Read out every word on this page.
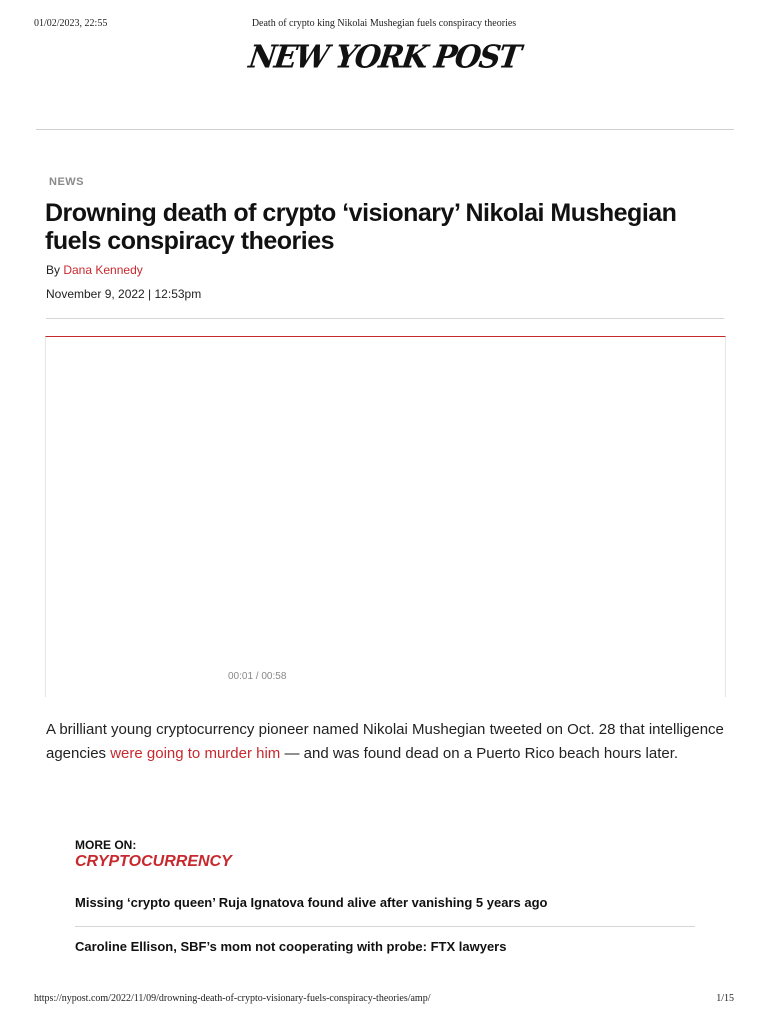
01/02/2023, 22:55	Death of crypto king Nikolai Mushegian fuels conspiracy theories
NEW YORK POST
NEWS
Drowning death of crypto ‘visionary’ Nikolai Mushegian fuels conspiracy theories
By Dana Kennedy
November 9, 2022 | 12:53pm
00:01 / 00:58

A brilliant young cryptocurrency pioneer named Nikolai Mushegian tweeted on Oct. 28 that intelligence agencies were going to murder him — and was found dead on a Puerto Rico beach hours later.

MORE ON:
CRYPTOCURRENCY
Missing ‘crypto queen’ Ruja Ignatova found alive after vanishing 5 years ago
Caroline Ellison, SBF’s mom not cooperating with probe: FTX lawyers
https://nypost.com/2022/11/09/drowning-death-of-crypto-visionary-fuels-conspiracy-theories/amp/	1/15
